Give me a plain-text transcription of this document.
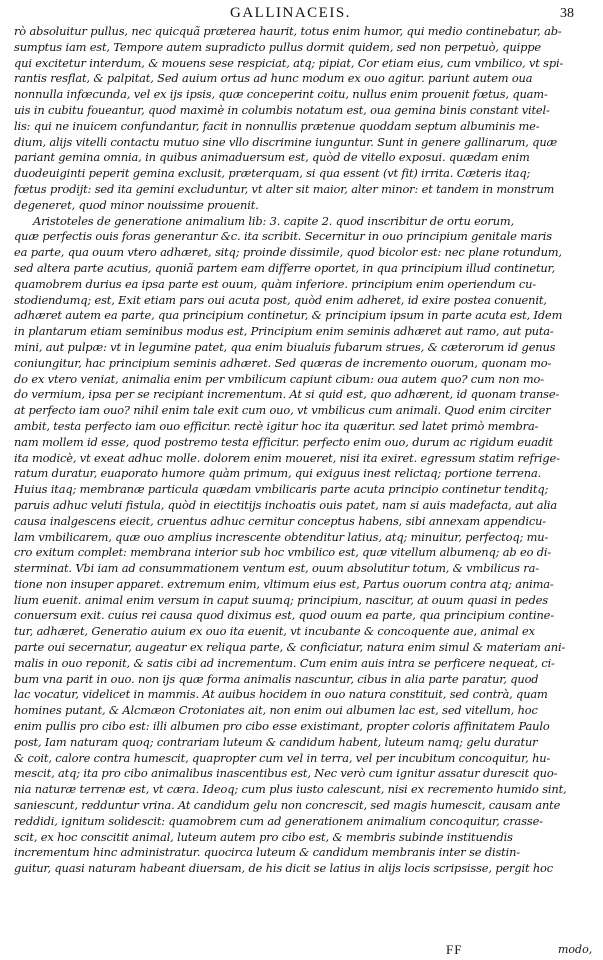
GALLINACEIS.	38
rò absoluitur pullus, nec quicquã præterea haurit, totus enim humor, qui medio continebatur, ab-
sumptus iam est, Tempore autem supradicto pullus dormit quidem, sed non perpetuò, quippe
qui excitetur interdum, & mouens sese respiciat, atq; pipiat, Cor etiam eius, cum vmbilico, vt spi-
rantis resflat, & palpitat, Sed auium ortus ad hunc modum ex ouo agitur. pariunt autem oua
nonnulla infœcunda, vel ex ijs ipsis, quæ conceperint coitu, nullus enim prouenit fœtus, quam-
uis in cubitu foueantur, quod maximè in columbis notatum est, oua gemina binis constant vitel-
lis: qui ne inuicem confundantur, facit in nonnullis prætenue quoddam septum albuminis me-
dium, alijs vitelli contactu mutuo sine vllo discrimine iunguntur. Sunt in genere gallinarum, quæ
pariant gemina omnia, in quibus animaduersum est, quòd de vitello exposui. quædam enim
duodeuiginti peperit gemina exclusit, præterquam, si qua essent (vt fit) irrita. Cæteris itaq;
fœtus prodijt: sed ita gemini excluduntur, vt alter sit maior, alter minor: et tandem in monstrum
degeneret, quod minor nouissime prouenit.
Aristoteles de generatione animalium lib: 3. capite 2. quod inscribitur de ortu eorum,
quæ perfectis ouis foras generantur &c. ita scribit. Secernitur in ouo principium genitale maris
ea parte, qua ouum vtero adhæret, sitq; proinde dissimile, quod bicolor est: nec plane rotundum,
sed altera parte acutius, quoniã partem eam differre oportet, in qua principium illud continetur,
quamobrem durius ea ipsa parte est ouum, quàm inferiore. principium enim operiendum cu-
stodiendumq; est, Exit etiam pars oui acuta post, quòd enim adheret, id exire postea conuenit,
adhæret autem ea parte, qua principium continetur, & principium ipsum in parte acuta est, Idem
in plantarum etiam seminibus modus est, Principium enim seminis adhæret aut ramo, aut puta-
mini, aut pulpæ: vt in legumine patet, qua enim biualuis fubarum strues, & cæterorum id genus
coniungitur, hac principium seminis adhæret. Sed quæras de incremento ouorum, quonam mo-
do ex vtero veniat, animalia enim per vmbilicum capiunt cibum: oua autem quo? cum non mo-
do vermium, ipsa per se recipiant incrementum. At si quid est, quo adhærent, id quonam transe-
at perfecto iam ouo? nihil enim tale exit cum ouo, vt vmbilicus cum animali. Quod enim circiter
ambit, testa perfecto iam ouo efficitur. rectè igitur hoc ita quæritur. sed latet primò membra-
nam mollem id esse, quod postremo testa efficitur. perfecto enim ouo, durum ac rigidum euadit
ita modicè, vt exeat adhuc molle. dolorem enim moueret, nisi ita exiret. egressum statim refrige-
ratum duratur, euaporato humore quàm primum, qui exiguus inest relictaq; portione terrena.
Huius itaq; membranæ particula quædam vmbilicaris parte acuta principio continetur tenditq;
paruis adhuc veluti fistula, quòd in eiectitijs inchoatis ouis patet, nam si auis madefacta, aut alia
causa inalgescens eiecit, cruentus adhuc cernitur conceptus habens, sibi annexam appendicu-
lam vmbilicarem, quæ ouo amplius increscente obtenditur latius, atq; minuitur, perfectoq; mu-
cro exitum complet: membrana interior sub hoc vmbilico est, quæ vitellum albumenq; ab eo di-
sterminat. Vbi iam ad consummationem ventum est, ouum absolutitur totum, & vmbilicus ra-
tione non insuper apparet. extremum enim, vltimum eius est, Partus ouorum contra atq; anima-
lium euenit. animal enim versum in caput suumq; principium, nascitur, at ouum quasi in pedes
conuersum exit. cuius rei causa quod diximus est, quod ouum ea parte, qua principium contine-
tur, adhæret, Generatio auium ex ouo ita euenit, vt incubante & concoquente aue, animal ex
parte oui secernatur, augeatur ex reliqua parte, & conficiatur, natura enim simul & materiam ani-
malis in ouo reponit, & satis cibi ad incrementum. Cum enim auis intra se perficere nequeat, ci-
bum vna parit in ouo. non ijs quæ forma animalis nascuntur, cibus in alia parte paratur, quod
lac vocatur, videlicet in mammis. At auibus hocidem in ouo natura constituit, sed contrà, quam
homines putant, & Alcmæon Crotoniates ait, non enim oui albumen lac est, sed vitellum, hoc
enim pullis pro cibo est: illi albumen pro cibo esse existimant, propter coloris affinitatem Paulo
post, Iam naturam quoq; contrariam luteum & candidum habent, luteum namq; gelu duratur
& coit, calore contra humescit, quapropter cum vel in terra, vel per incubitum concoquitur, hu-
mescit, atq; ita pro cibo animalibus inascentibus est, Nec verò cum ignitur assatur durescit quo-
nia naturæ terrenæ est, vt cæra. Ideoq; cum plus iusto calescunt, nisi ex recremento humido sint,
saniescunt, redduntur vrina. At candidum gelu non concrescit, sed magis humescit, causam ante
reddidi, ignitum solidescit: quamobrem cum ad generationem animalium concoquitur, crasse-
scit, ex hoc conscitit animal, luteum autem pro cibo est, & membris subinde instituendis
incrementum hinc administratur. quocirca luteum & candidum membranis inter se distin-
guitur, quasi naturam habeant diuersam, de his dicit se latius in alijs locis scripsisse, pergit hoc
FF	modo,
